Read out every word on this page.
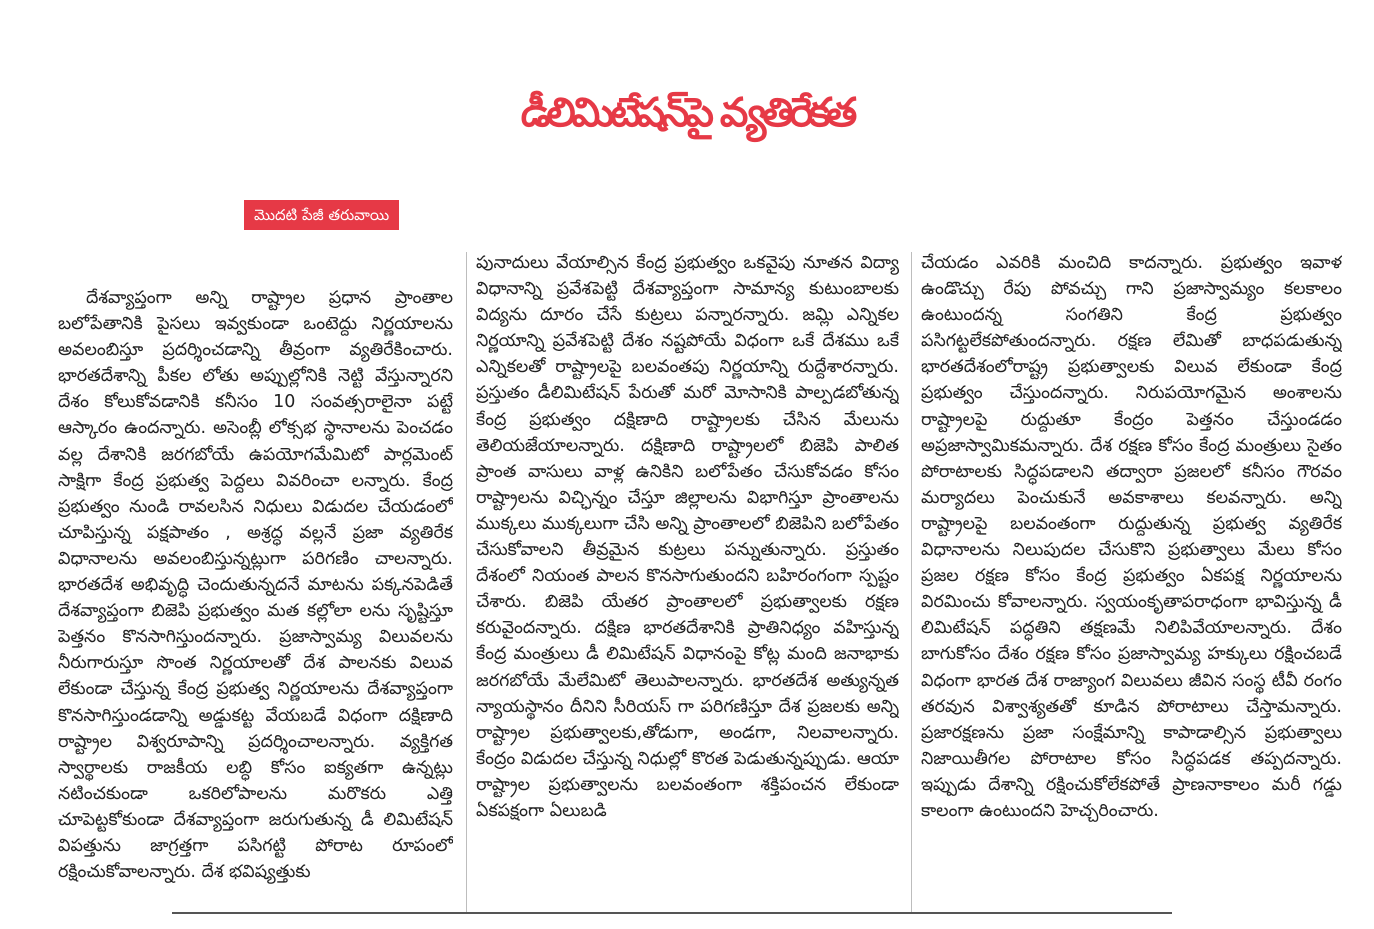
డీలిమిటేషన్‌పై వ్యతిరేకత
మొదటి పేజీ తరువాయి

దేశవ్యాప్తంగా అన్ని రాష్ట్రాల ప్రధాన ప్రాంతాల బలోపేతానికి పైసలు ఇవ్వకుండా ఒంటెద్దు నిర్ణయాలను అవలంబిస్తూ ప్రదర్శించడాన్ని తీవ్రంగా వ్యతిరేకించారు. భారతదేశాన్ని పీకల లోతు అప్పుల్లోనికి నెట్టి వేస్తున్నారని దేశం కోలుకోవడానికి కనీసం 10 సంవత్సరాలైనా పట్టే ఆస్కారం ఉందన్నారు. అసెంబ్లీ లోక్సభ స్థానాలను పెంచడం వల్ల దేశానికి జరగబోయే ఉపయోగమేమిటో పార్లమెంట్ సాక్షిగా కేంద్ర ప్రభుత్వ పెద్దలు వివరించా లన్నారు. కేంద్ర ప్రభుత్వం నుండి రావలసిన నిధులు విడుదల చేయడంలో చూపిస్తున్న పక్షపాతం , అశ్రద్ధ వల్లనే ప్రజా వ్యతిరేక విధానాలను అవలంబిస్తున్నట్లుగా పరిగణిం చాలన్నారు. భారతదేశ అభివృద్ధి చెందుతున్నదనే మాటను పక్కనపెడితే దేశవ్యాప్తంగా బిజెపి ప్రభుత్వం మత కల్లోలా లను సృష్టిస్తూ పెత్తనం కొనసాగిస్తుందన్నారు. ప్రజాస్వామ్య విలువలను నీరుగారుస్తూ సొంత నిర్ణయాలతో దేశ పాలనకు విలువ లేకుండా చేస్తున్న కేంద్ర ప్రభుత్వ నిర్ణయాలను దేశవ్యాప్తంగా కొనసాగిస్తుండడాన్ని అడ్డుకట్ట వేయబడే విధంగా దక్షిణాది రాష్ట్రాల విశ్వరూపాన్ని ప్రదర్శించాలన్నారు. వ్యక్తిగత స్వార్థాలకు రాజకీయ లబ్ధి కోసం ఐక్యతగా ఉన్నట్లు నటించకుండా ఒకరిలోపాలను మరొకరు ఎత్తి చూపెట్టకోకుండా దేశవ్యాప్తంగా జరుగుతున్న డీ లిమిటేషన్ విపత్తును జాగ్రత్తగా పసిగట్టి పోరాట రూపంలో రక్షించుకోవాలన్నారు. దేశ భవిష్యత్తుకు

పునాదులు వేయాల్సిన కేంద్ర ప్రభుత్వం ఒకవైపు నూతన విద్యా విధానాన్ని ప్రవేశపెట్టి దేశవ్యాప్తంగా సామాన్య కుటుంబాలకు విద్యను దూరం చేసే కుట్రలు పన్నారన్నారు. జమ్లి ఎన్నికల నిర్ణయాన్ని ప్రవేశపెట్టి దేశం నష్టపోయే విధంగా ఒకే దేశము ఒకే ఎన్నికలతో రాష్ట్రాలపై బలవంతపు నిర్ణయాన్ని రుద్దేశారన్నారు. ప్రస్తుతం డీలిమిటేషన్ పేరుతో మరో మోసానికి పాల్పడబోతున్న కేంద్ర ప్రభుత్వం దక్షిణాది రాష్ట్రాలకు చేసిన మేలును తెలియజేయాలన్నారు. దక్షిణాది రాష్ట్రాలలో బిజెపి పాలిత ప్రాంత వాసులు వాళ్ల ఉనికిని బలోపేతం చేసుకోవడం కోసం రాష్ట్రాలను విచ్ఛిన్నం చేస్తూ జిల్లాలను విభాగిస్తూ ప్రాంతాలను ముక్కలు ముక్కలుగా చేసి అన్ని ప్రాంతాలలో బిజెపిని బలోపేతం చేసుకోవాలని తీవ్రమైన కుట్రలు పన్నుతున్నారు. ప్రస్తుతం దేశంలో నియంత పాలన కొనసాగుతుందని బహిరంగంగా స్పష్టం చేశారు. బిజెపి యేతర ప్రాంతాలలో ప్రభుత్వాలకు రక్షణ కరువైందన్నారు. దక్షిణ భారతదేశానికి ప్రాతినిధ్యం వహిస్తున్న కేంద్ర మంత్రులు డీ లిమిటేషన్ విధానంపై కోట్ల మంది జనాభాకు జరగబోయే మేలేమిటో తెలుపాలన్నారు. భారతదేశ అత్యున్నత న్యాయస్థానం దీనిని సీరియస్ గా పరిగణిస్తూ దేశ ప్రజలకు అన్ని రాష్ట్రాల ప్రభుత్వాలకు,తోడుగా, అండగా, నిలవాలన్నారు. కేంద్రం విడుదల చేస్తున్న నిధుల్లో కొరత పెడుతున్నప్పుడు. ఆయా రాష్ట్రాల ప్రభుత్వాలను బలవంతంగా శక్తిపంచన లేకుండా ఏకపక్షంగా ఏలుబడి

చేయడం ఎవరికి మంచిది కాదన్నారు. ప్రభుత్వం ఇవాళ ఉండొచ్చు రేపు పోవచ్చు గాని ప్రజాస్వామ్యం కలకాలం ఉంటుందన్న సంగతిని కేంద్ర ప్రభుత్వం పసిగట్టలేకపోతుందన్నారు. రక్షణ లేమితో బాధపడుతున్న భారతదేశంలోరాష్ట్ర ప్రభుత్వాలకు విలువ లేకుండా కేంద్ర ప్రభుత్వం చేస్తుందన్నారు. నిరుపయోగమైన అంశాలను రాష్ట్రాలపై రుద్దుతూ కేంద్రం పెత్తనం చేస్తుండడం అప్రజాస్వామికమన్నారు. దేశ రక్షణ కోసం కేంద్ర మంత్రులు సైతం పోరాటాలకు సిద్ధపడాలని తద్వారా ప్రజలలో కనీసం గౌరవం మర్యాదలు పెంచుకునే అవకాశాలు కలవన్నారు. అన్ని రాష్ట్రాలపై బలవంతంగా రుద్దుతున్న ప్రభుత్వ వ్యతిరేక విధానాలను నిలుపుదల చేసుకొని ప్రభుత్వాలు మేలు కోసం ప్రజల రక్షణ కోసం కేంద్ర ప్రభుత్వం ఏకపక్ష నిర్ణయాలను విరమించు కోవాలన్నారు. స్వయంకృతాపరాధంగా భావిస్తున్న డీ లిమిటేషన్ పద్ధతిని తక్షణమే నిలిపివేయాలన్నారు. దేశం బాగుకోసం దేశం రక్షణ కోసం ప్రజాస్వామ్య హక్కులు రక్షించబడే విధంగా భారత దేశ రాజ్యాంగ విలువలు జీవిన సంస్థ టీవీ రంగం తరవున విశ్వాశ్యతతో కూడిన పోరాటాలు చేస్తామన్నారు. ప్రజారక్షణను ప్రజా సంక్షేమాన్ని కాపాడాల్సిన ప్రభుత్వాలు నిజాయితీగల పోరాటాల కోసం సిద్ధపడక తప్పదన్నారు. ఇప్పుడు దేశాన్ని రక్షించుకోలేకపోతే ప్రాణనాకాలం మరీ గడ్డు కాలంగా ఉంటుందని హెచ్చరించారు.
